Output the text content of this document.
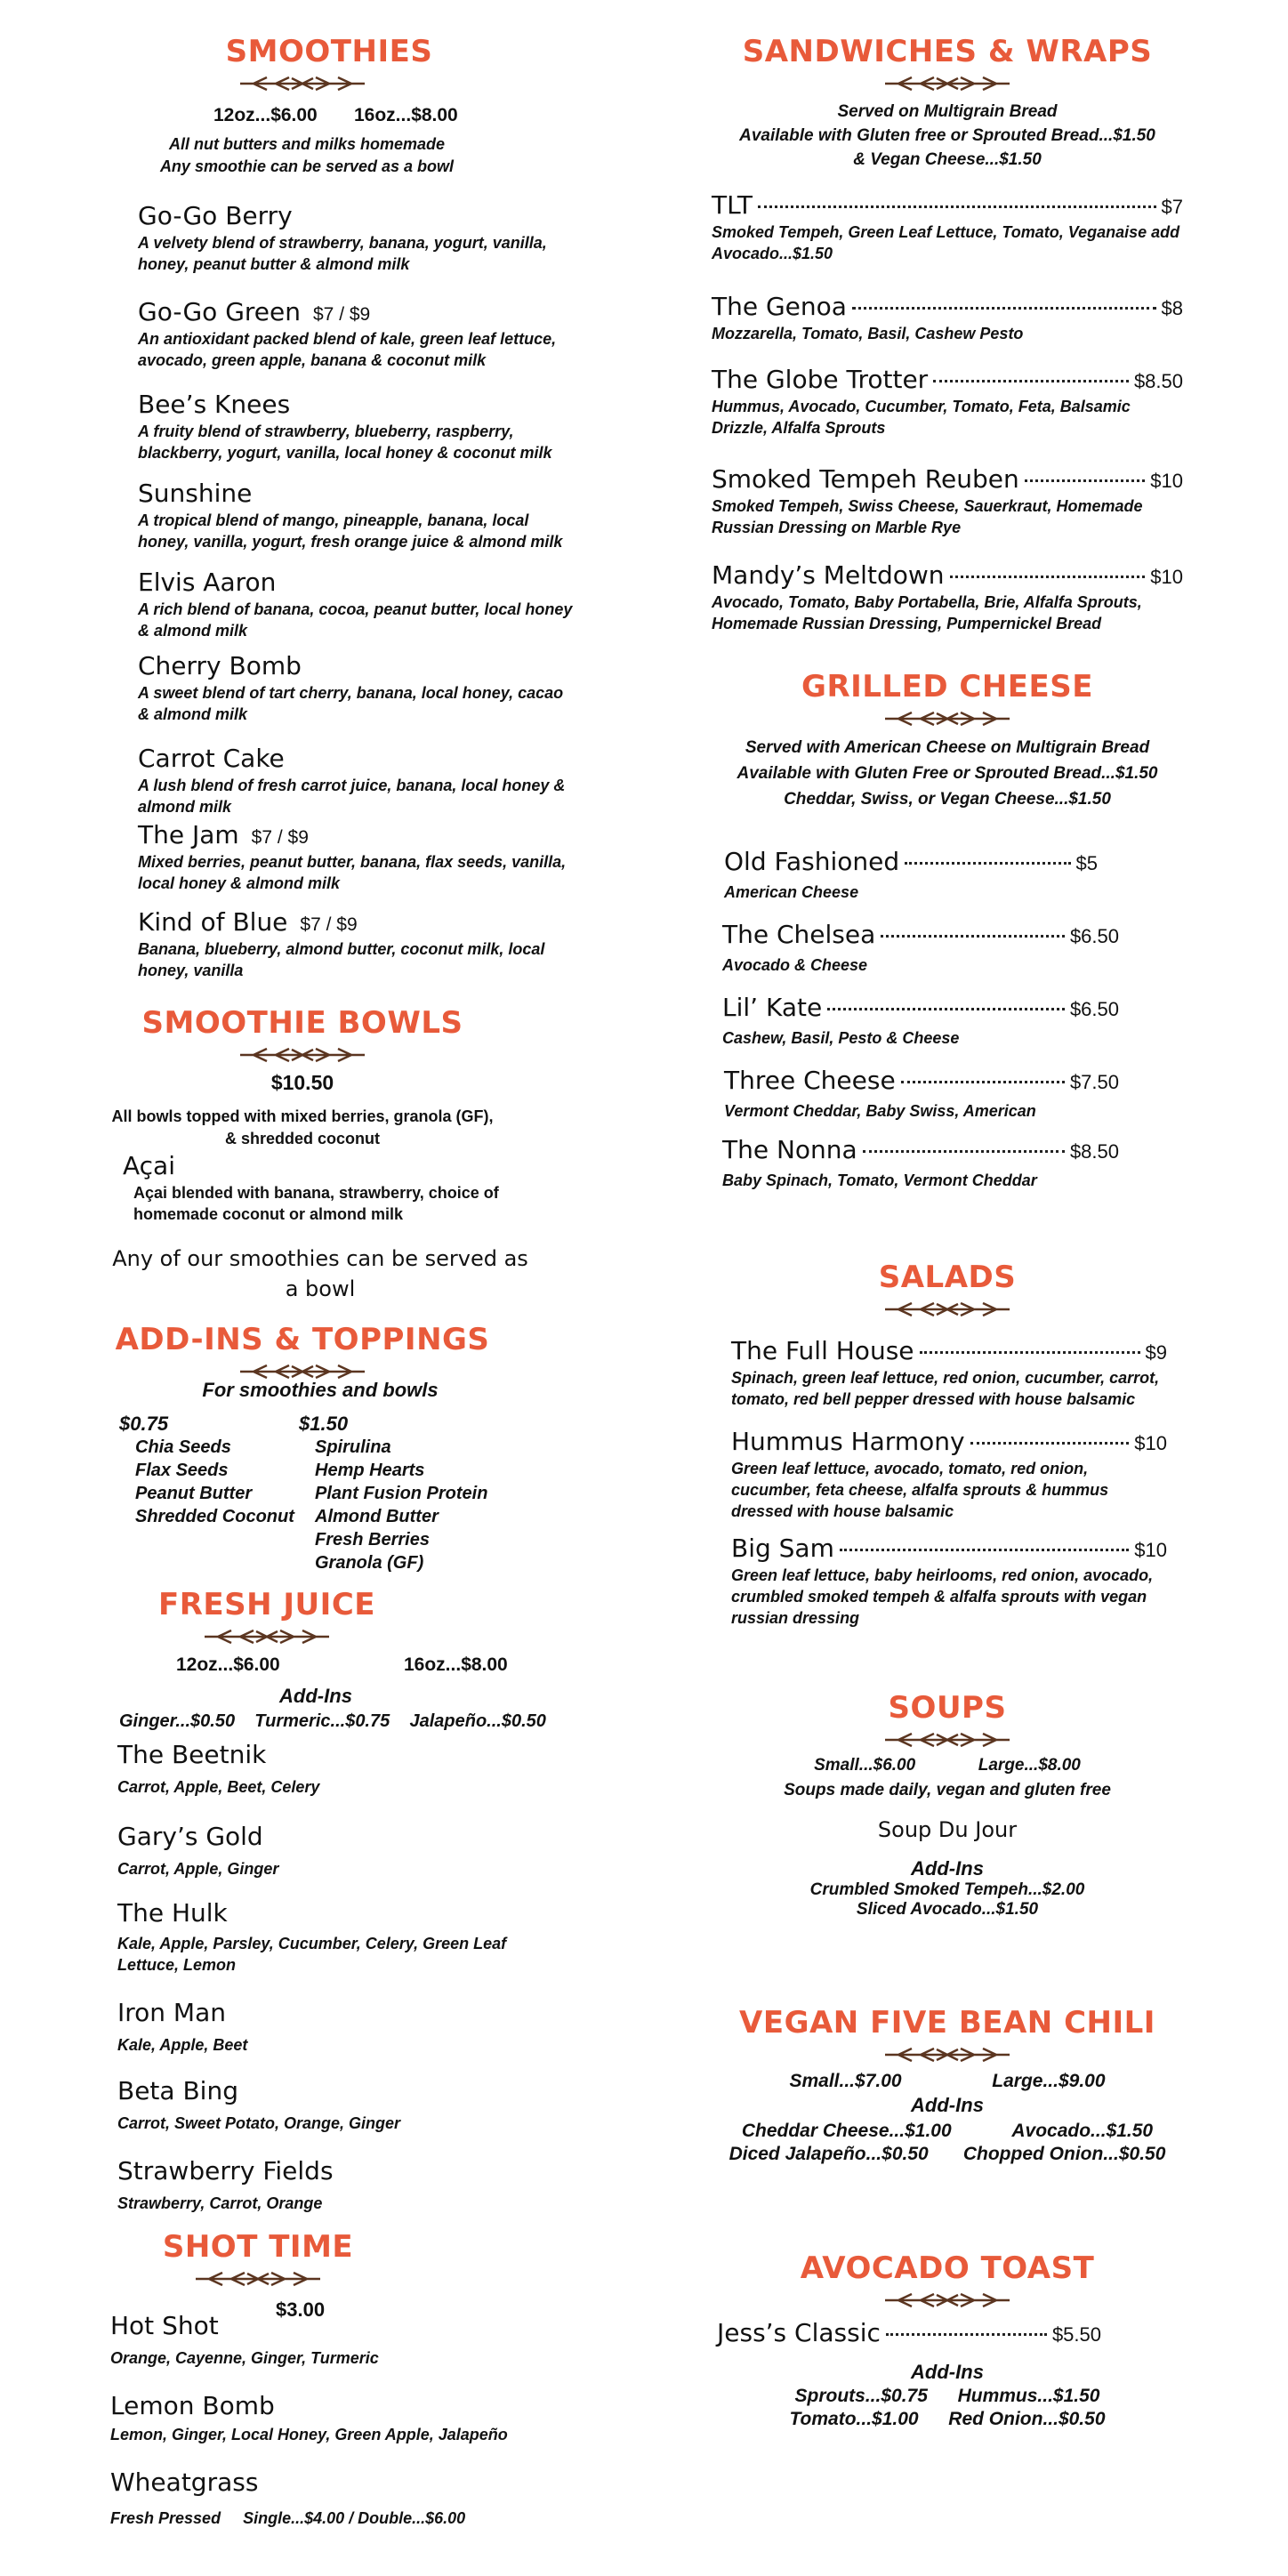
SMOOTHIES
12oz...$6.00 16oz...$8.00
All nut butters and milks homemade
Any smoothie can be served as a bowl
Go-Go Berry
A velvety blend of strawberry, banana, yogurt, vanilla, honey, peanut butter & almond milk
Go-Go Green $7 / $9
An antioxidant packed blend of kale, green leaf lettuce, avocado, green apple, banana & coconut milk
Bee’s Knees
A fruity blend of strawberry, blueberry, raspberry, blackberry, yogurt, vanilla, local honey & coconut milk
Sunshine
A tropical blend of mango, pineapple, banana, local honey, vanilla, yogurt, fresh orange juice & almond milk
Elvis Aaron
A rich blend of banana, cocoa, peanut butter, local honey & almond milk
Cherry Bomb
A sweet blend of tart cherry, banana, local honey, cacao & almond milk
Carrot Cake
A lush blend of fresh carrot juice, banana, local honey & almond milk
The Jam $7 / $9
Mixed berries, peanut butter, banana, flax seeds, vanilla, local honey & almond milk
Kind of Blue $7 / $9
Banana, blueberry, almond butter, coconut milk, local honey, vanilla
SMOOTHIE BOWLS
$10.50
All bowls topped with mixed berries, granola (GF),
& shredded coconut
Açai
Açai blended with banana, strawberry, choice of homemade coconut or almond milk
Any of our smoothies can be served as
a bowl
ADD-INS & TOPPINGS
For smoothies and bowls
$0.75
Chia Seeds
Flax Seeds
Peanut Butter
Shredded Coconut
$1.50
Spirulina
Hemp Hearts
Plant Fusion Protein
Almond Butter
Fresh Berries
Granola (GF)
FRESH JUICE
12oz...$6.00	16oz...$8.00
Add-Ins
Ginger...$0.50    Turmeric...$0.75    Jalapeño...$0.50
The Beetnik
Carrot, Apple, Beet, Celery
Gary’s Gold
Carrot, Apple, Ginger
The Hulk
Kale, Apple, Parsley, Cucumber, Celery, Green Leaf Lettuce, Lemon
Iron Man
Kale, Apple, Beet
Beta Bing
Carrot, Sweet Potato, Orange, Ginger
Strawberry Fields
Strawberry, Carrot, Orange
SHOT TIME
$3.00
Hot Shot
Orange, Cayenne, Ginger, Turmeric
Lemon Bomb
Lemon, Ginger, Local Honey, Green Apple, Jalapeño
Wheatgrass
Fresh Pressed     Single...$4.00 / Double...$6.00
SANDWICHES & WRAPS
Served on Multigrain Bread
Available with Gluten free or Sprouted Bread...$1.50
& Vegan Cheese...$1.50
TLT	$7
Smoked Tempeh, Green Leaf Lettuce, Tomato, Veganaise add Avocado...$1.50
The Genoa	$8
Mozzarella, Tomato, Basil, Cashew Pesto
The Globe Trotter	$8.50
Hummus, Avocado, Cucumber, Tomato, Feta, Balsamic Drizzle, Alfalfa Sprouts
Smoked Tempeh Reuben	$10
Smoked Tempeh, Swiss Cheese, Sauerkraut, Homemade Russian Dressing on Marble Rye
Mandy’s Meltdown	$10
Avocado, Tomato, Baby Portabella, Brie, Alfalfa Sprouts, Homemade Russian Dressing, Pumpernickel Bread
GRILLED CHEESE
Served with American Cheese on Multigrain Bread
Available with Gluten Free or Sprouted Bread...$1.50
Cheddar, Swiss, or Vegan Cheese...$1.50
Old Fashioned	$5
American Cheese
The Chelsea	$6.50
Avocado & Cheese
Lil’ Kate	$6.50
Cashew, Basil, Pesto & Cheese
Three Cheese	$7.50
Vermont Cheddar, Baby Swiss, American
The Nonna	$8.50
Baby Spinach, Tomato, Vermont Cheddar
SALADS
The Full House	$9
Spinach, green leaf lettuce, red onion, cucumber, carrot, tomato, red bell pepper dressed with house balsamic
Hummus Harmony	$10
Green leaf lettuce, avocado, tomato, red onion, cucumber, feta cheese, alfalfa sprouts & hummus dressed with house balsamic
Big Sam	$10
Green leaf lettuce, baby heirlooms, red onion, avocado, crumbled smoked tempeh & alfalfa sprouts with vegan russian dressing
SOUPS
Small...$6.00	Large...$8.00
Soups made daily, vegan and gluten free
Soup Du Jour
Add-Ins
Crumbled Smoked Tempeh...$2.00
Sliced Avocado...$1.50
VEGAN FIVE BEAN CHILI
Small...$7.00	Large...$9.00
Add-Ins
Cheddar Cheese...$1.00	Avocado...$1.50
Diced Jalapeño...$0.50 Chopped Onion...$0.50
AVOCADO TOAST
Jess’s Classic	$5.50
Add-Ins
Sprouts...$0.75 Hummus...$1.50
Tomato...$1.00 Red Onion...$0.50
